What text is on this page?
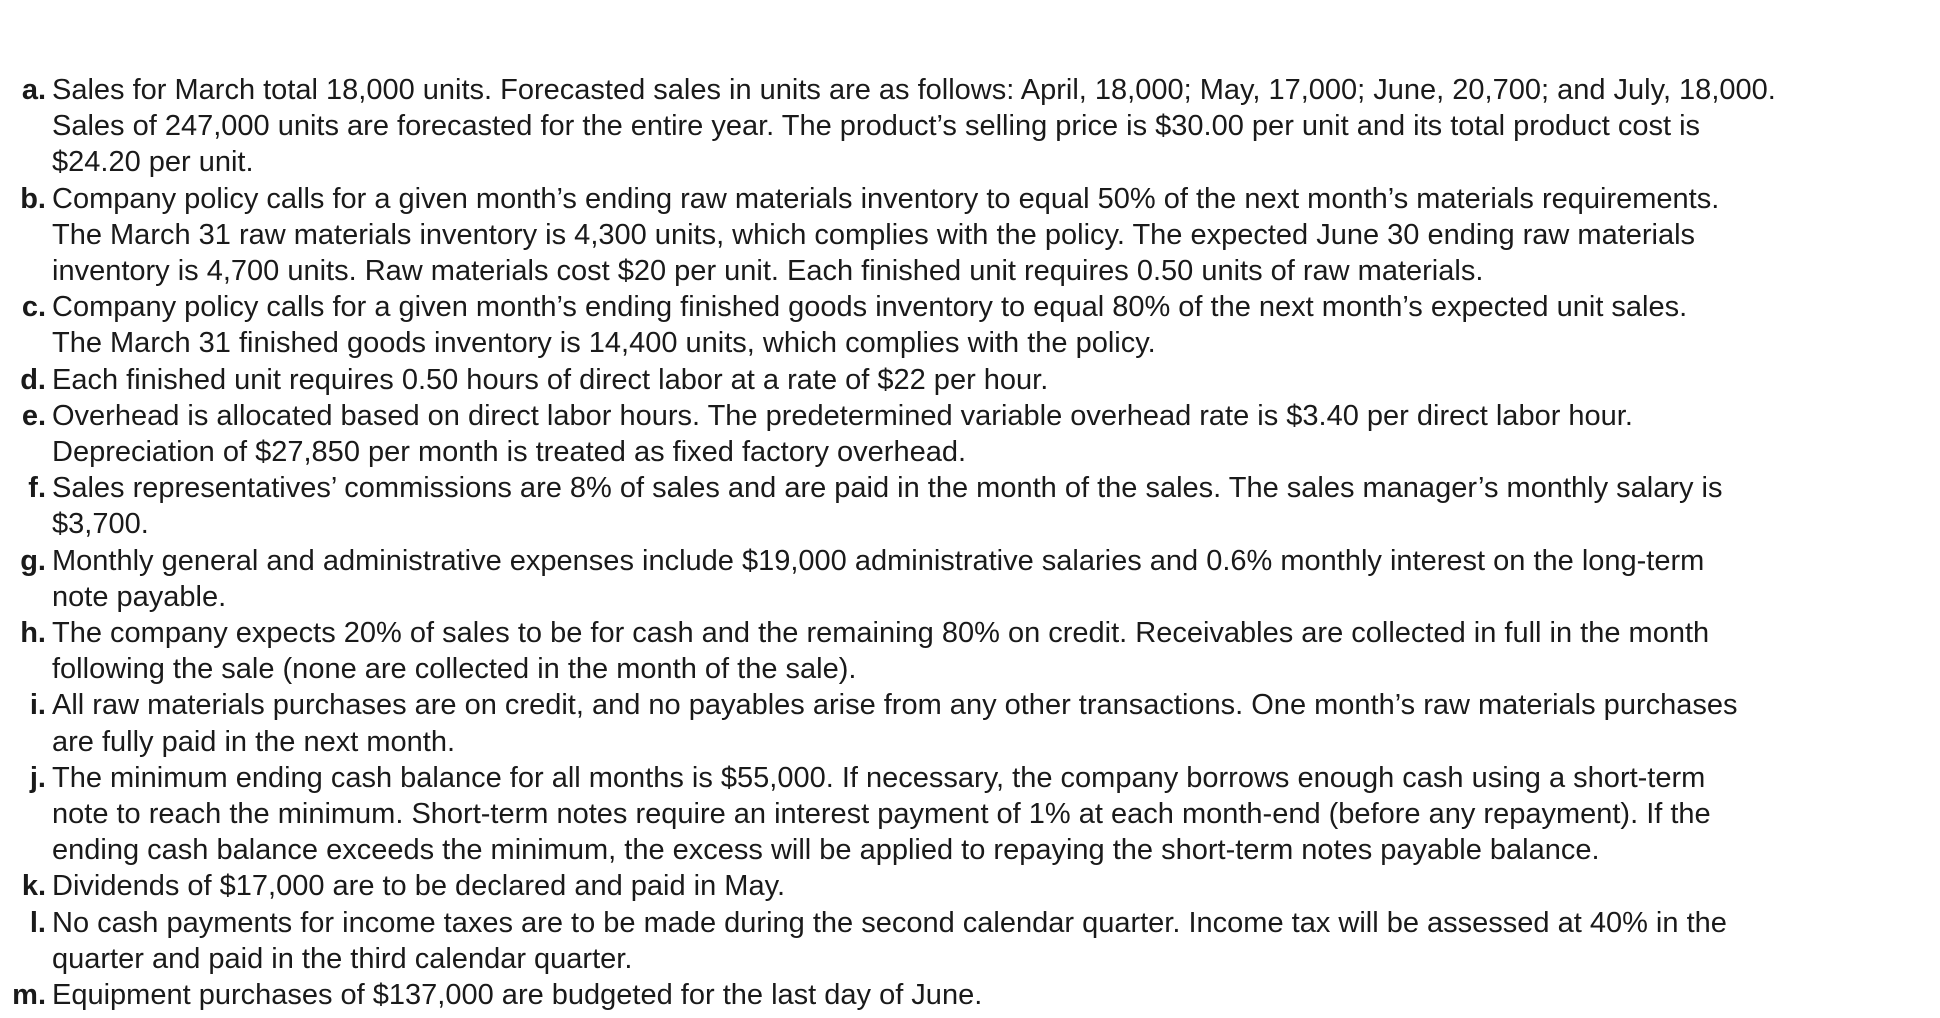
a. Sales for March total 18,000 units. Forecasted sales in units are as follows: April, 18,000; May, 17,000; June, 20,700; and July, 18,000.
Sales of 247,000 units are forecasted for the entire year. The product’s selling price is $30.00 per unit and its total product cost is
$24.20 per unit.
b. Company policy calls for a given month’s ending raw materials inventory to equal 50% of the next month’s materials requirements.
The March 31 raw materials inventory is 4,300 units, which complies with the policy. The expected June 30 ending raw materials
inventory is 4,700 units. Raw materials cost $20 per unit. Each finished unit requires 0.50 units of raw materials.
c. Company policy calls for a given month’s ending finished goods inventory to equal 80% of the next month’s expected unit sales.
The March 31 finished goods inventory is 14,400 units, which complies with the policy.
d. Each finished unit requires 0.50 hours of direct labor at a rate of $22 per hour.
e. Overhead is allocated based on direct labor hours. The predetermined variable overhead rate is $3.40 per direct labor hour.
Depreciation of $27,850 per month is treated as fixed factory overhead.
f. Sales representatives’ commissions are 8% of sales and are paid in the month of the sales. The sales manager’s monthly salary is
$3,700.
g. Monthly general and administrative expenses include $19,000 administrative salaries and 0.6% monthly interest on the long-term
note payable.
h. The company expects 20% of sales to be for cash and the remaining 80% on credit. Receivables are collected in full in the month
following the sale (none are collected in the month of the sale).
i. All raw materials purchases are on credit, and no payables arise from any other transactions. One month’s raw materials purchases
are fully paid in the next month.
j. The minimum ending cash balance for all months is $55,000. If necessary, the company borrows enough cash using a short-term
note to reach the minimum. Short-term notes require an interest payment of 1% at each month-end (before any repayment). If the
ending cash balance exceeds the minimum, the excess will be applied to repaying the short-term notes payable balance.
k. Dividends of $17,000 are to be declared and paid in May.
l. No cash payments for income taxes are to be made during the second calendar quarter. Income tax will be assessed at 40% in the
quarter and paid in the third calendar quarter.
m. Equipment purchases of $137,000 are budgeted for the last day of June.
